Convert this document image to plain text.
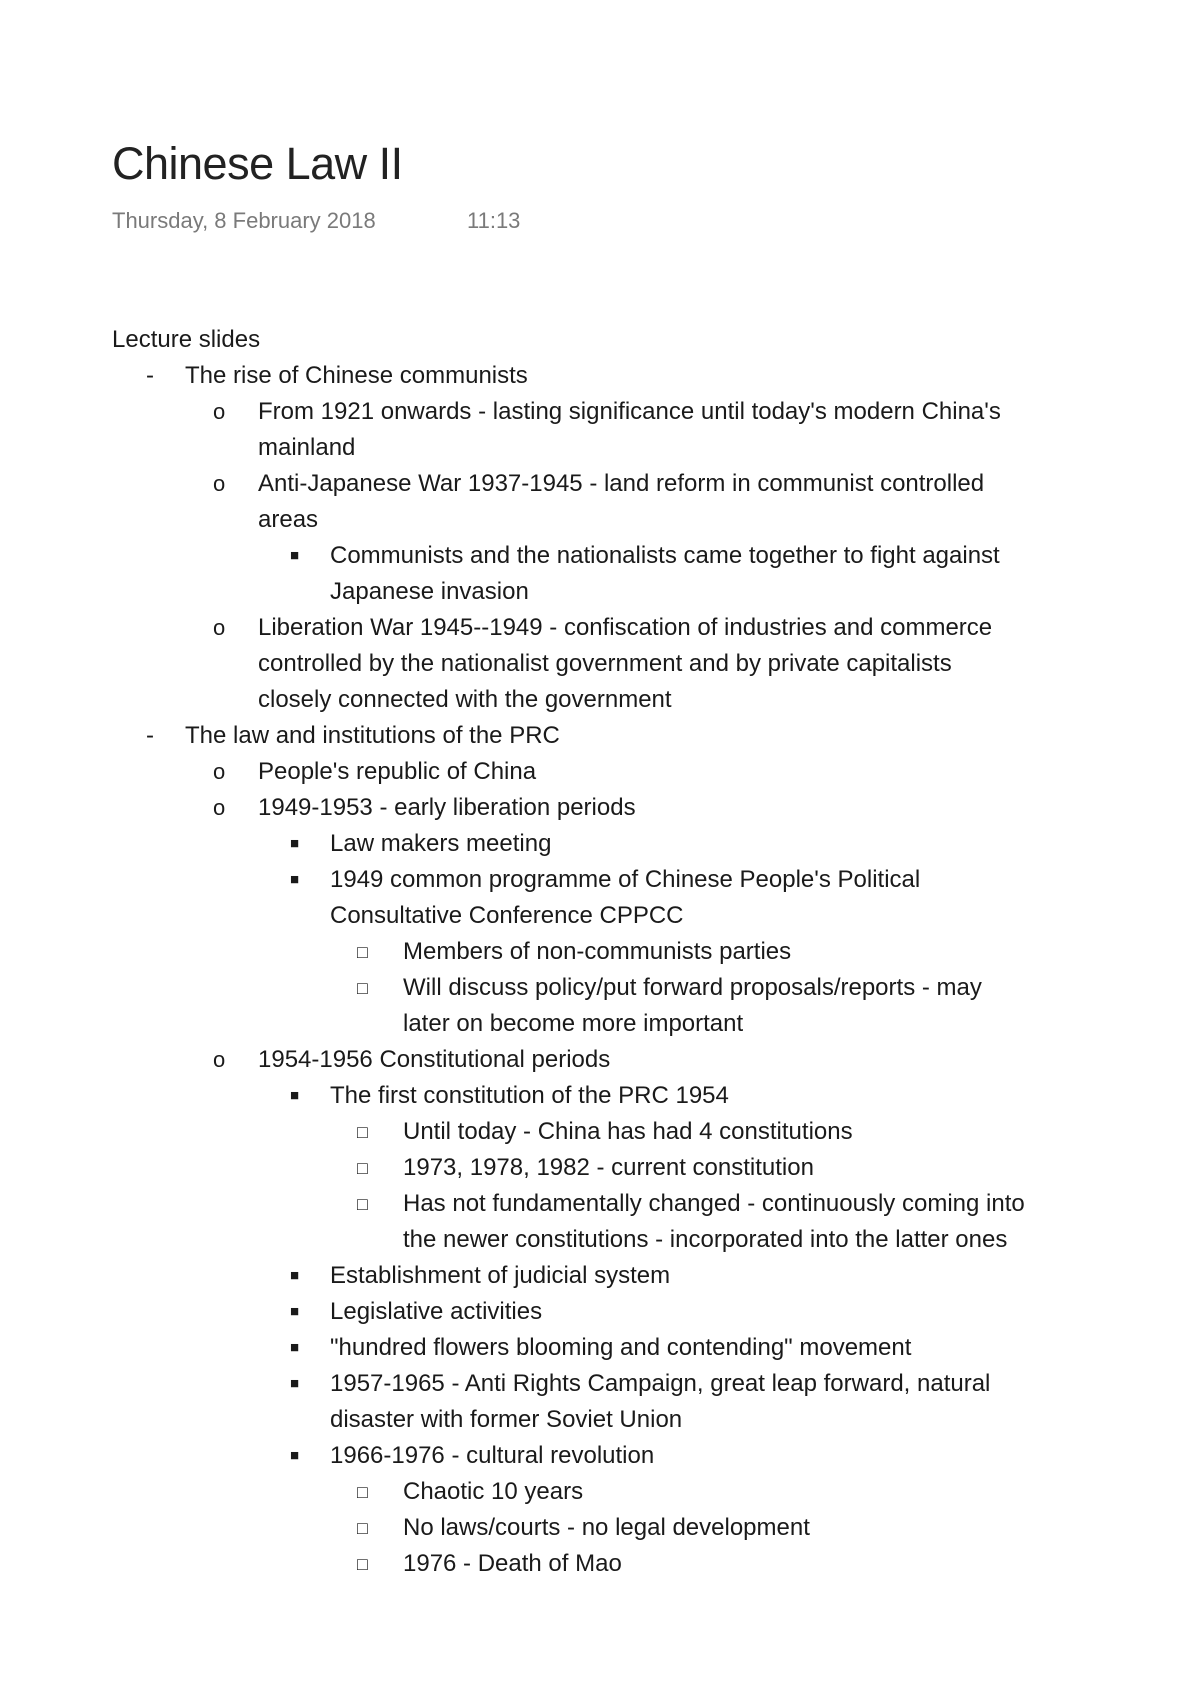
Chinese Law II
Thursday, 8 February 2018	11:13
Lecture slides
- The rise of Chinese communists
o From 1921 onwards - lasting significance until today's modern China's
mainland
o Anti-Japanese War 1937-1945 - land reform in communist controlled
areas
■ Communists and the nationalists came together to fight against
Japanese invasion
o Liberation War 1945--1949 - confiscation of industries and commerce
controlled by the nationalist government and by private capitalists
closely connected with the government
- The law and institutions of the PRC
o People's republic of China
o 1949-1953 - early liberation periods
■ Law makers meeting
■ 1949 common programme of Chinese People's Political
Consultative Conference CPPCC
□ Members of non-communists parties
□ Will discuss policy/put forward proposals/reports - may
later on become more important
o 1954-1956 Constitutional periods
■ The first constitution of the PRC 1954
□ Until today - China has had 4 constitutions
□ 1973, 1978, 1982 - current constitution
□ Has not fundamentally changed - continuously coming into
the newer constitutions - incorporated into the latter ones
■ Establishment of judicial system
■ Legislative activities
■ "hundred flowers blooming and contending" movement
■ 1957-1965 - Anti Rights Campaign, great leap forward, natural
disaster with former Soviet Union
■ 1966-1976 - cultural revolution
□ Chaotic 10 years
□ No laws/courts - no legal development
□ 1976 - Death of Mao
